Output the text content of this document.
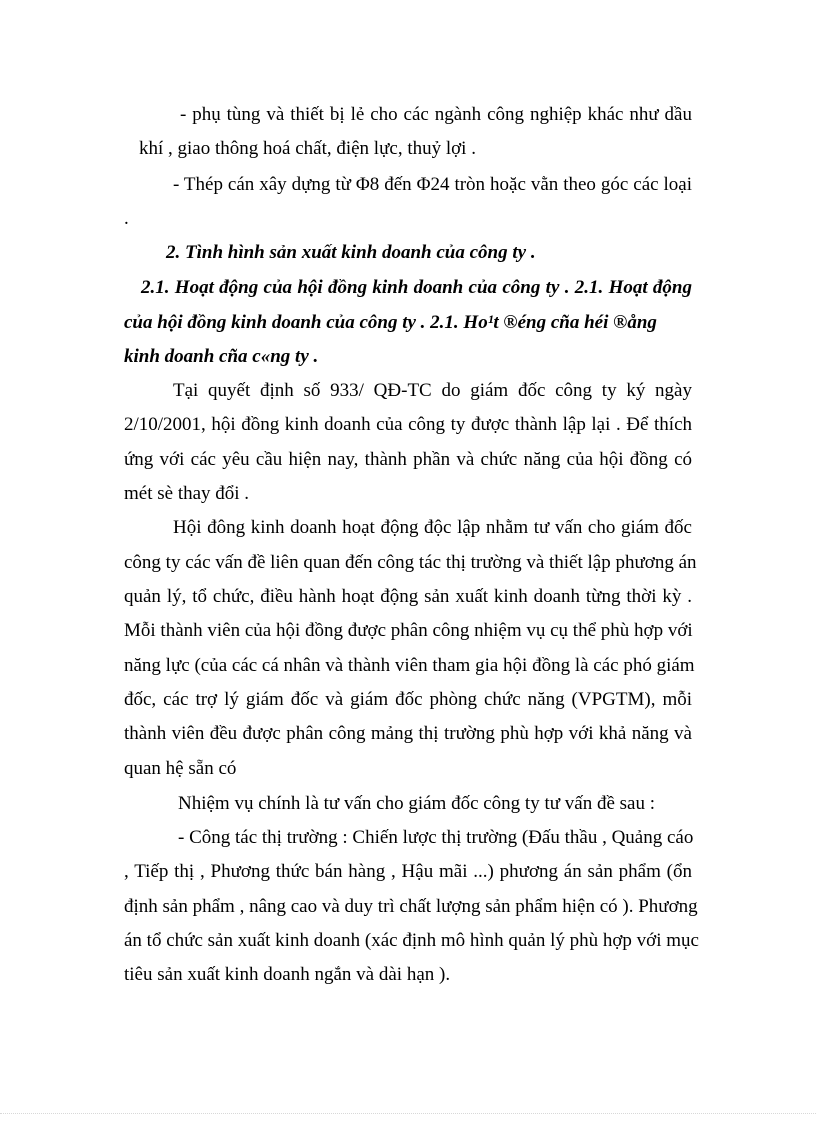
- phụ tùng và thiết bị lẻ cho các ngành công nghiệp khác như dầu
khí , giao thông hoá chất, điện lực, thuỷ lợi .
- Thép cán xây dựng từ Φ8 đến Φ24 tròn hoặc vằn theo góc các loại
.
2. Tình hình sản xuất kinh doanh của công ty .
2.1. Hoạt động của hội đồng kinh doanh của công ty . 2.1. Hoạt động
của hội đồng kinh doanh của công ty . 2.1. Ho¹t ®éng cña héi ®ång
kinh doanh cña c«ng ty .
Tại quyết định số 933/ QĐ-TC do giám đốc công ty ký ngày
2/10/2001, hội đồng kinh doanh của công ty được thành lập lại . Để thích
ứng với các yêu cầu hiện nay, thành phần và chức năng của hội đồng có
mét sè thay đổi .
Hội đông kinh doanh hoạt động độc lập nhằm tư vấn cho giám đốc
công ty các vấn đề liên quan đến công tác thị trường và thiết lập phương án
quản lý, tổ chức, điều hành hoạt động sản xuất kinh doanh từng thời kỳ .
Mỗi thành viên của hội đồng được phân công nhiệm vụ cụ thể phù hợp với
năng lực (của các cá nhân và thành viên tham gia hội đồng là các phó giám
đốc, các trợ lý giám đốc và giám đốc phòng chức năng (VPGTM), mỗi
thành viên đều được phân công mảng thị trường phù hợp với khả năng và
quan hệ sẵn có
Nhiệm vụ chính là tư vấn cho giám đốc công ty tư vấn đề sau :
- Công tác thị trường : Chiến lược thị trường (Đấu thầu , Quảng cáo
, Tiếp thị , Phương thức bán hàng , Hậu mãi ...) phương án sản phẩm (ổn
định sản phẩm , nâng cao và duy trì chất lượng sản phẩm hiện có ). Phương
án tổ chức sản xuất kinh doanh (xác định mô hình quản lý phù hợp với mục
tiêu sản xuất kinh doanh ngắn và dài hạn ).
